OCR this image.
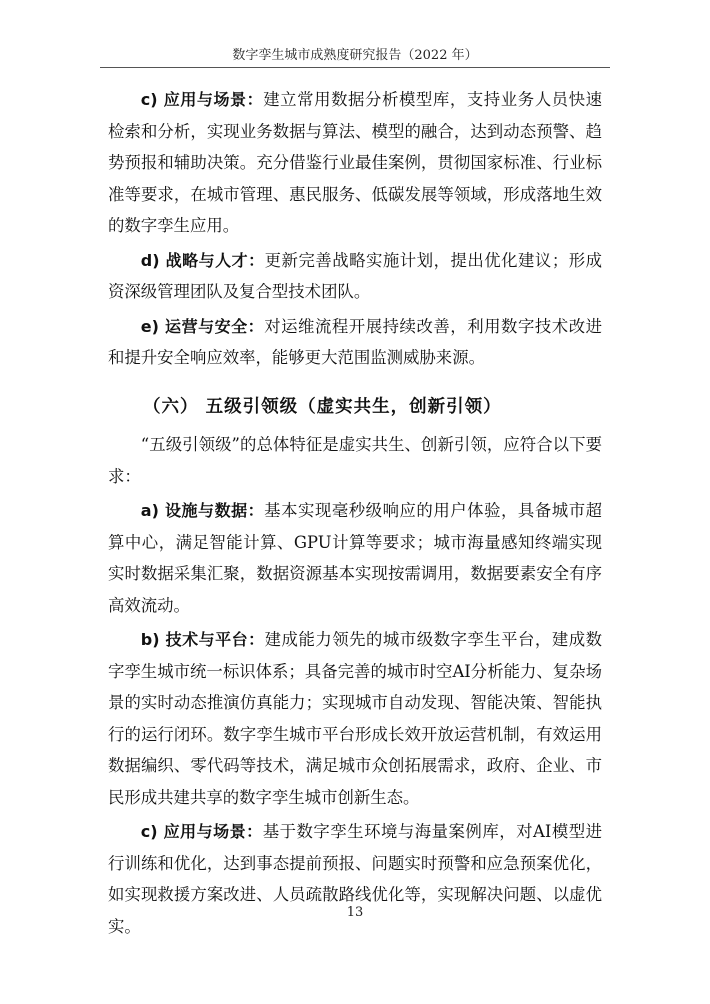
数字孪生城市成熟度研究报告（2022 年）

c) 应用与场景：建立常用数据分析模型库，支持业务人员快速检索和分析，实现业务数据与算法、模型的融合，达到动态预警、趋势预报和辅助决策。充分借鉴行业最佳案例，贯彻国家标准、行业标准等要求，在城市管理、惠民服务、低碳发展等领域，形成落地生效的数字孪生应用。

d) 战略与人才：更新完善战略实施计划，提出优化建议；形成资深级管理团队及复合型技术团队。

e) 运营与安全：对运维流程开展持续改善，利用数字技术改进和提升安全响应效率，能够更大范围监测威胁来源。

（六） 五级引领级（虚实共生，创新引领）

“五级引领级”的总体特征是虚实共生、创新引领，应符合以下要求：

a) 设施与数据：基本实现毫秒级响应的用户体验，具备城市超算中心，满足智能计算、GPU计算等要求；城市海量感知终端实现实时数据采集汇聚，数据资源基本实现按需调用，数据要素安全有序高效流动。

b) 技术与平台：建成能力领先的城市级数字孪生平台，建成数字孪生城市统一标识体系；具备完善的城市时空AI分析能力、复杂场景的实时动态推演仿真能力；实现城市自动发现、智能决策、智能执行的运行闭环。数字孪生城市平台形成长效开放运营机制，有效运用数据编织、零代码等技术，满足城市众创拓展需求，政府、企业、市民形成共建共享的数字孪生城市创新生态。

c) 应用与场景：基于数字孪生环境与海量案例库，对AI模型进行训练和优化，达到事态提前预报、问题实时预警和应急预案优化，如实现救援方案改进、人员疏散路线优化等，实现解决问题、以虚优实。

13
